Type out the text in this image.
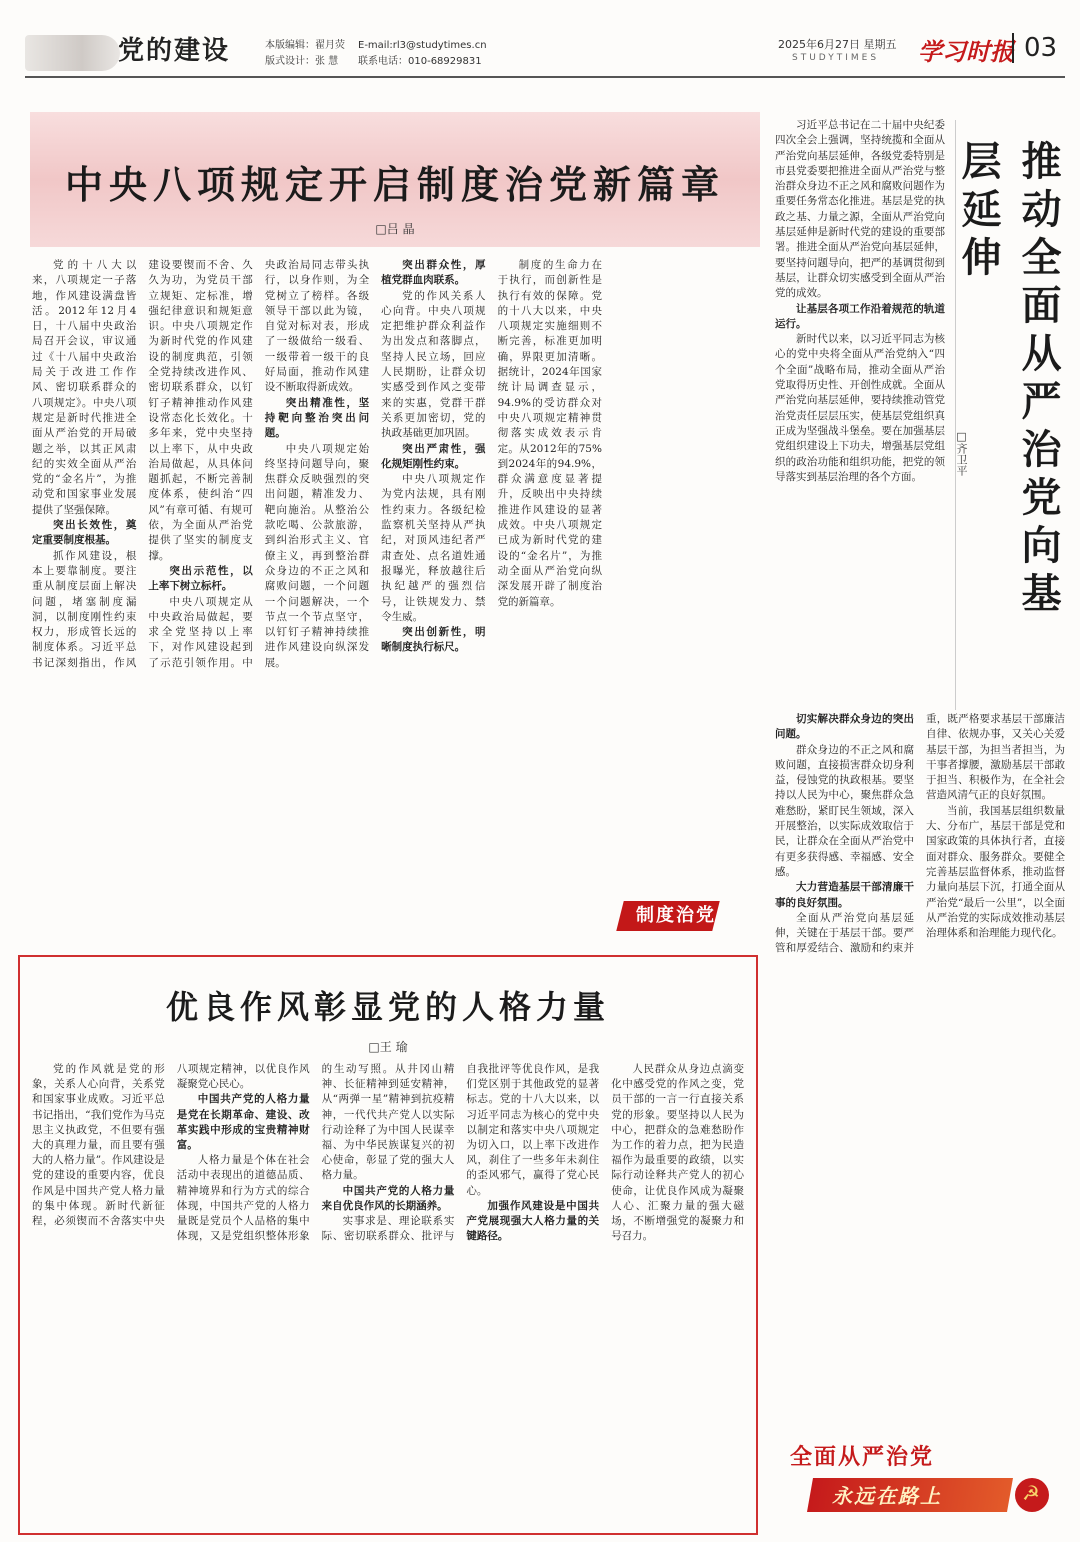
党的建设	本版编辑：翟月荧
版式设计：张 慧
E-mail:rl3@studytimes.cn
联系电话：010-68929831
2025年6月27日 星期五
STUDYTIMES 学习时报 03
中央八项规定开启制度治党新篇章
□吕 晶

党的十八大以来，八项规定一子落地，作风建设满盘皆活。2012年12月4日，十八届中央政治局召开会议，审议通过《十八届中央政治局关于改进工作作风、密切联系群众的八项规定》。中央八项规定是新时代推进全面从严治党的开局破题之举，以其正风肃纪的实效全面从严治党的“金名片”，为推动党和国家事业发展提供了坚强保障。

突出长效性，奠定重要制度根基。

抓作风建设，根本上要靠制度。要注重从制度层面上解决问题，堵塞制度漏洞，以制度刚性约束权力，形成管长远的制度体系。习近平总书记深刻指出，作风建设要锲而不舍、久久为功，为党员干部立规矩、定标准，增强纪律意识和规矩意识。中央八项规定作为新时代党的作风建设的制度典范，引领全党持续改进作风、密切联系群众，以钉钉子精神推动作风建设常态化长效化。十多年来，党中央坚持以上率下，从中央政治局做起，从具体问题抓起，不断完善制度体系，使纠治“四风”有章可循、有规可依，为全面从严治党提供了坚实的制度支撑。

突出示范性，以上率下树立标杆。

中央八项规定从中央政治局做起，要求全党坚持以上率下，对作风建设起到了示范引领作用。中央政治局同志带头执行，以身作则，为全党树立了榜样。各级领导干部以此为镜，自觉对标对表，形成了一级做给一级看、一级带着一级干的良好局面，推动作风建设不断取得新成效。

突出精准性，坚持靶向整治突出问题。

中央八项规定始终坚持问题导向，聚焦群众反映强烈的突出问题，精准发力、靶向施治。从整治公款吃喝、公款旅游，到纠治形式主义、官僚主义，再到整治群众身边的不正之风和腐败问题，一个问题一个问题解决，一个节点一个节点坚守，以钉钉子精神持续推进作风建设向纵深发展。

突出群众性，厚植党群血肉联系。

党的作风关系人心向背。中央八项规定把维护群众利益作为出发点和落脚点，坚持人民立场，回应人民期盼，让群众切实感受到作风之变带来的实惠，党群干群关系更加密切，党的执政基础更加巩固。

突出严肃性，强化规矩刚性约束。

中央八项规定作为党内法规，具有刚性约束力。各级纪检监察机关坚持从严执纪，对顶风违纪者严肃查处、点名道姓通报曝光，释放越往后执纪越严的强烈信号，让铁规发力、禁令生威。

突出创新性，明晰制度执行标尺。

制度的生命力在于执行，而创新性是执行有效的保障。党的十八大以来，中央八项规定实施细则不断完善，标准更加明确，界限更加清晰。据统计，2024年国家统计局调查显示，94.9%的受访群众对中央八项规定精神贯彻落实成效表示肯定。从2012年的75%到2024年的94.9%，群众满意度显著提升，反映出中央持续推进作风建设的显著成效。中央八项规定已成为新时代党的建设的“金名片”，为推动全面从严治党向纵深发展开辟了制度治党的新篇章。

制度治党
优良作风彰显党的人格力量
□王 瑜

党的作风就是党的形象，关系人心向背，关系党和国家事业成败。习近平总书记指出，“我们党作为马克思主义执政党，不但要有强大的真理力量，而且要有强大的人格力量”。作风建设是党的建设的重要内容，优良作风是中国共产党人格力量的集中体现。新时代新征程，必须锲而不舍落实中央八项规定精神，以优良作风凝聚党心民心。

中国共产党的人格力量是党在长期革命、建设、改革实践中形成的宝贵精神财富。

人格力量是个体在社会活动中表现出的道德品质、精神境界和行为方式的综合体现，中国共产党的人格力量既是党员个人品格的集中体现，又是党组织整体形象的生动写照。从井冈山精神、长征精神到延安精神，从“两弹一星”精神到抗疫精神，一代代共产党人以实际行动诠释了为中国人民谋幸福、为中华民族谋复兴的初心使命，彰显了党的强大人格力量。

中国共产党的人格力量来自优良作风的长期涵养。

实事求是、理论联系实际、密切联系群众、批评与自我批评等优良作风，是我们党区别于其他政党的显著标志。党的十八大以来，以习近平同志为核心的党中央以制定和落实中央八项规定为切入口，以上率下改进作风，刹住了一些多年未刹住的歪风邪气，赢得了党心民心。

加强作风建设是中国共产党展现强大人格力量的关键路径。

人民群众从身边点滴变化中感受党的作风之变，党员干部的一言一行直接关系党的形象。要坚持以人民为中心，把群众的急难愁盼作为工作的着力点，把为民造福作为最重要的政绩，以实际行动诠释共产党人的初心使命，让优良作风成为凝聚人心、汇聚力量的强大磁场，不断增强党的凝聚力和号召力。

习近平总书记在二十届中央纪委四次全会上强调，坚持统揽和全面从严治党向基层延伸，各级党委特别是市县党委要把推进全面从严治党与整治群众身边不正之风和腐败问题作为重要任务常态化推进。基层是党的执政之基、力量之源，全面从严治党向基层延伸是新时代党的建设的重要部署。推进全面从严治党向基层延伸，要坚持问题导向，把严的基调贯彻到基层，让群众切实感受到全面从严治党的成效。

让基层各项工作沿着规范的轨道运行。

新时代以来，以习近平同志为核心的党中央将全面从严治党纳入“四个全面”战略布局，推动全面从严治党取得历史性、开创性成就。全面从严治党向基层延伸，要持续推动管党治党责任层层压实，使基层党组织真正成为坚强战斗堡垒。要在加强基层党组织建设上下功夫，增强基层党组织的政治功能和组织功能，把党的领导落实到基层治理的各个方面。	推动全面从严治党向基层延伸
□齐卫平

切实解决群众身边的突出问题。

群众身边的不正之风和腐败问题，直接损害群众切身利益，侵蚀党的执政根基。要坚持以人民为中心，聚焦群众急难愁盼，紧盯民生领域，深入开展整治，以实际成效取信于民，让群众在全面从严治党中有更多获得感、幸福感、安全感。

大力营造基层干部清廉干事的良好氛围。

全面从严治党向基层延伸，关键在于基层干部。要严管和厚爱结合、激励和约束并重，既严格要求基层干部廉洁自律、依规办事，又关心关爱基层干部，为担当者担当，为干事者撑腰，激励基层干部敢于担当、积极作为，在全社会营造风清气正的良好氛围。

当前，我国基层组织数量大、分布广，基层干部是党和国家政策的具体执行者，直接面对群众、服务群众。要健全完善基层监督体系，推动监督力量向基层下沉，打通全面从严治党“最后一公里”，以全面从严治党的实际成效推动基层治理体系和治理能力现代化。

全面从严治党
永远在路上	☭
